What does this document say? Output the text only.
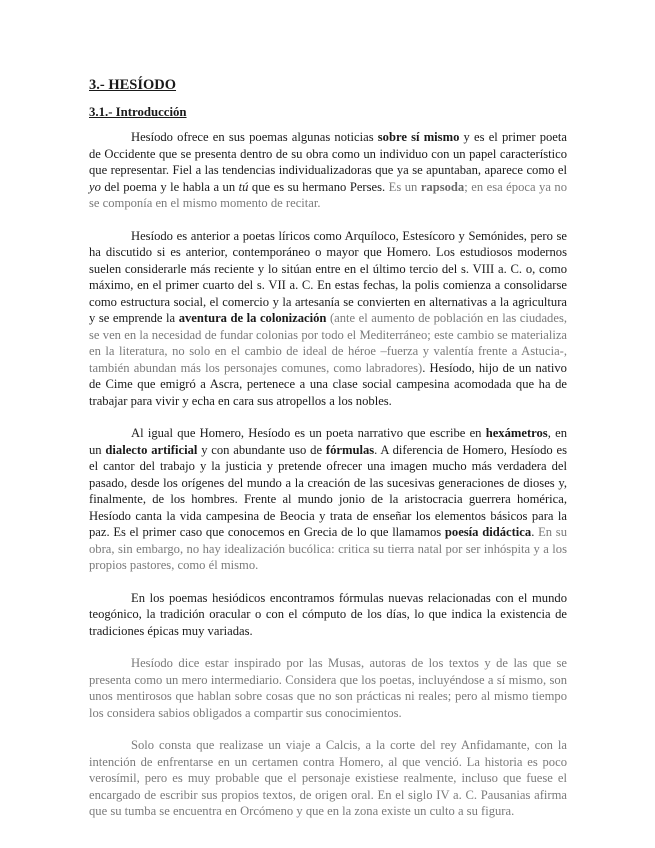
3.- HESÍODO
3.1.- Introducción

Hesíodo ofrece en sus poemas algunas noticias sobre sí mismo y es el primer poeta de Occidente que se presenta dentro de su obra como un individuo con un papel característico que representar. Fiel a las tendencias individualizadoras que ya se apuntaban, aparece como el yo del poema y le habla a un tú que es su hermano Perses. Es un rapsoda; en esa época ya no se componía en el mismo momento de recitar.

Hesíodo es anterior a poetas líricos como Arquíloco, Estesícoro y Semónides, pero se ha discutido si es anterior, contemporáneo o mayor que Homero. Los estudiosos modernos suelen considerarle más reciente y lo sitúan entre en el último tercio del s. VIII a. C. o, como máximo, en el primer cuarto del s. VII a. C. En estas fechas, la polis comienza a consolidarse como estructura social, el comercio y la artesanía se convierten en alternativas a la agricultura y se emprende la aventura de la colonización (ante el aumento de población en las ciudades, se ven en la necesidad de fundar colonias por todo el Mediterráneo; este cambio se materializa en la literatura, no solo en el cambio de ideal de héroe –fuerza y valentía frente a Astucia-, también abundan más los personajes comunes, como labradores). Hesíodo, hijo de un nativo de Cime que emigró a Ascra, pertenece a una clase social campesina acomodada que ha de trabajar para vivir y echa en cara sus atropellos a los nobles.

Al igual que Homero, Hesíodo es un poeta narrativo que escribe en hexámetros, en un dialecto artificial y con abundante uso de fórmulas. A diferencia de Homero, Hesíodo es el cantor del trabajo y la justicia y pretende ofrecer una imagen mucho más verdadera del pasado, desde los orígenes del mundo a la creación de las sucesivas generaciones de dioses y, finalmente, de los hombres. Frente al mundo jonio de la aristocracia guerrera homérica, Hesíodo canta la vida campesina de Beocia y trata de enseñar los elementos básicos para la paz. Es el primer caso que conocemos en Grecia de lo que llamamos poesía didáctica. En su obra, sin embargo, no hay idealización bucólica: critica su tierra natal por ser inhóspita y a los propios pastores, como él mismo.

En los poemas hesiódicos encontramos fórmulas nuevas relacionadas con el mundo teogónico, la tradición oracular o con el cómputo de los días, lo que indica la existencia de tradiciones épicas muy variadas.

Hesíodo dice estar inspirado por las Musas, autoras de los textos y de las que se presenta como un mero intermediario. Considera que los poetas, incluyéndose a sí mismo, son unos mentirosos que hablan sobre cosas que no son prácticas ni reales; pero al mismo tiempo los considera sabios obligados a compartir sus conocimientos.

Solo consta que realizase un viaje a Calcis, a la corte del rey Anfidamante, con la intención de enfrentarse en un certamen contra Homero, al que venció. La historia es poco verosímil, pero es muy probable que el personaje existiese realmente, incluso que fuese el encargado de escribir sus propios textos, de origen oral. En el siglo IV a. C. Pausanias afirma que su tumba se encuentra en Orcómeno y que en la zona existe un culto a su figura.
